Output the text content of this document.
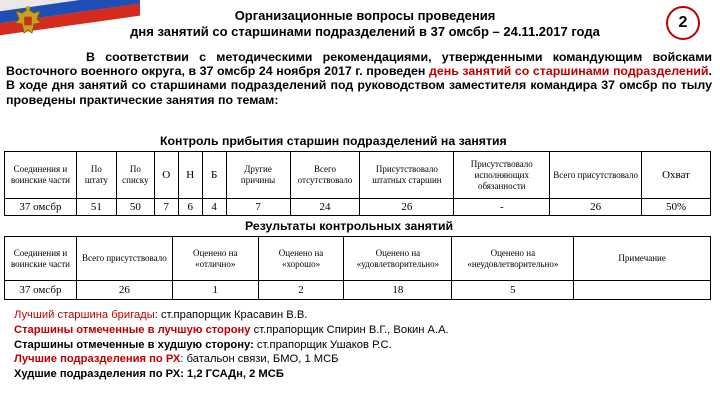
Организационные вопросы проведения
дня занятий со старшинами подразделений в 37 омсбр – 24.11.2017 года
2
В соответствии с методическими рекомендациями, утвержденными командующим войсками Восточного военного округа, в 37 омсбр 24 ноября 2017 г. проведен день занятий со старшинами подразделений. В ходе дня занятий со старшинами подразделений под руководством заместителя командира 37 омсбр по тылу проведены практические занятия по темам:
Контроль прибытия старшин подразделений на занятия
Соединения и воинские части	По штату	По списку	О	Н	Б	Другие причины	Всего отсутствовало	Присутствовало штатных старшин	Присутствовало исполняющих обязанности	Всего присутствовало	Охват
37 омсбр	51	50	7	6	4	7	24	26	-	26	50%
Результаты контрольных занятий
Соединения и воинские части	Всего присутствовало	Оценено на «отлично»	Оценено на «хорошо»	Оценено на «удовлетворительно»	Оценено на «неудовлетворительно»	Примечание
37 омсбр	26	1	2	18	5	
Лучший старшина бригады: ст.прапорщик Красавин В.В.
Старшины отмеченные в лучшую сторону ст.прапорщик Спирин В.Г., Вокин А.А.
Старшины отмеченные в худшую сторону: ст.прапорщик Ушаков Р.С.
Лучшие подразделения по РХ: батальон связи, БМО, 1 МСБ
Худшие подразделения по РХ: 1,2 ГСАДн, 2 МСБ
